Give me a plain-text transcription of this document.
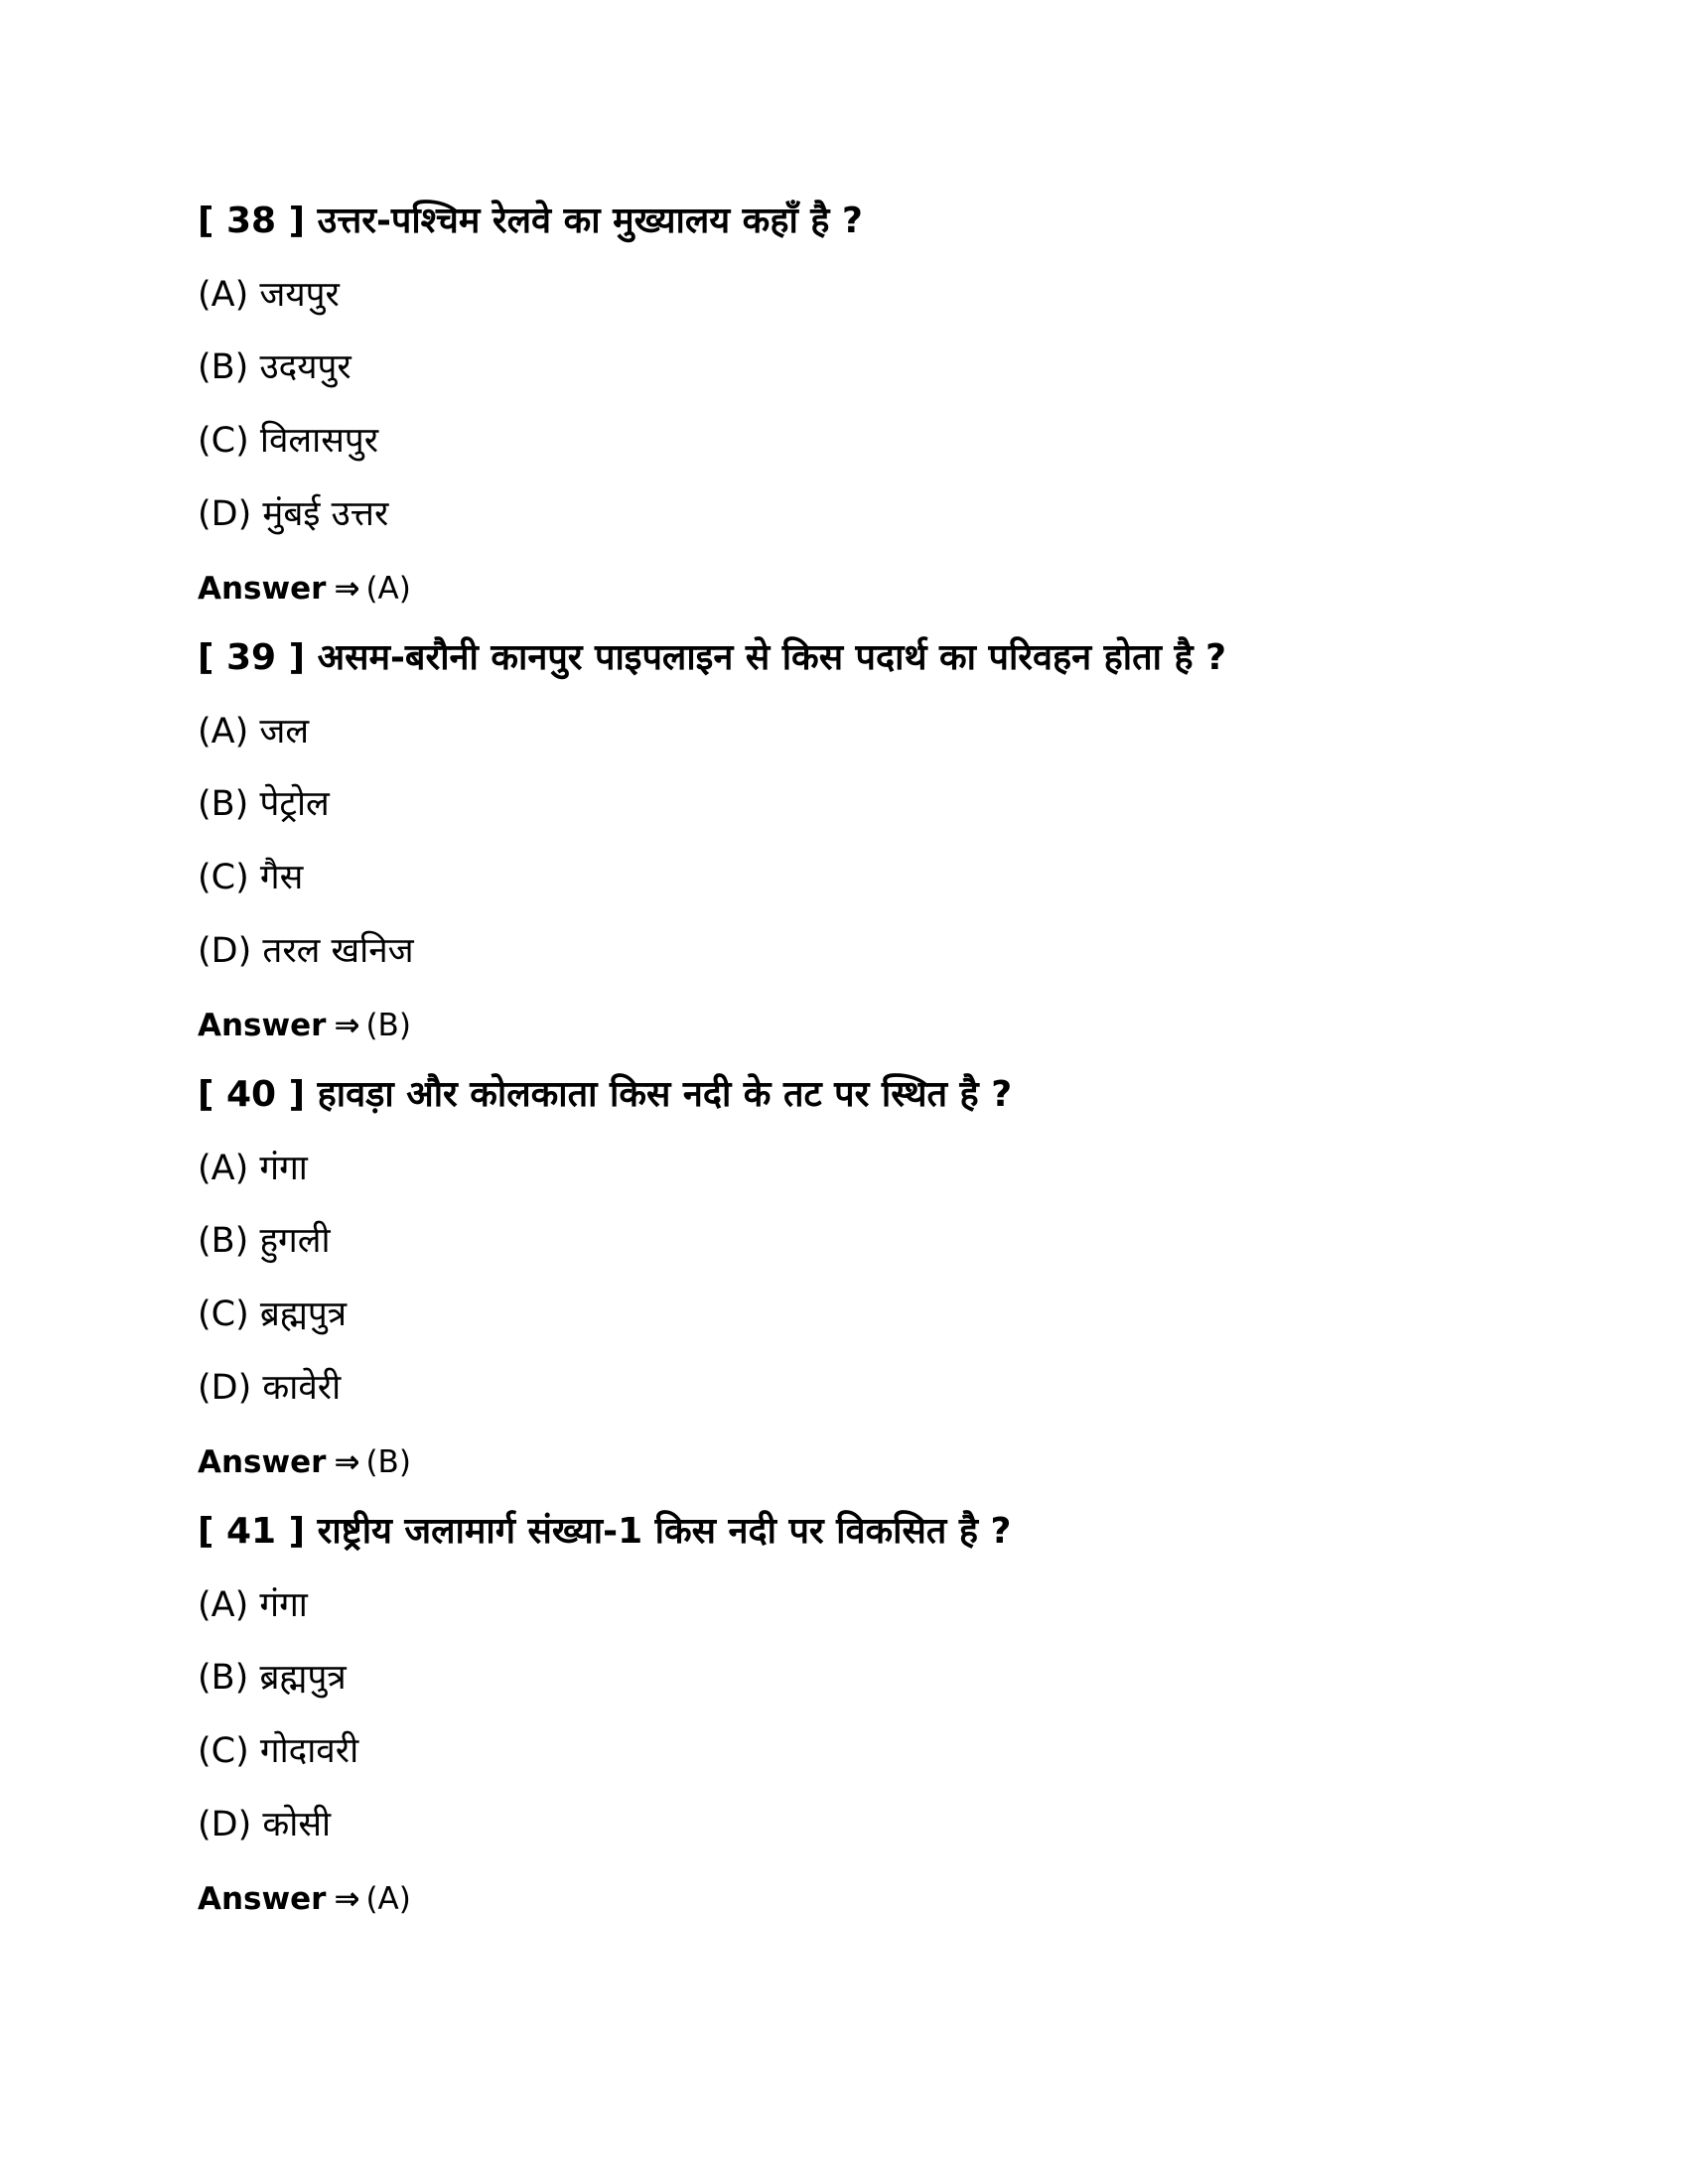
[ 38 ] उत्तर-पश्चिम रेलवे का मुख्यालय कहाँ है ?
(A) जयपुर
(B) उदयपुर
(C) विलासपुर
(D) मुंबई उत्तर
Answer ⇒ (A)
[ 39 ] असम-बरौनी कानपुर पाइपलाइन से किस पदार्थ का परिवहन होता है ?
(A) जल
(B) पेट्रोल
(C) गैस
(D) तरल खनिज
Answer ⇒ (B)
[ 40 ] हावड़ा और कोलकाता किस नदी के तट पर स्थित है ?
(A) गंगा
(B) हुगली
(C) ब्रह्मपुत्र
(D) कावेरी
Answer ⇒ (B)
[ 41 ] राष्ट्रीय जलामार्ग संख्या-1 किस नदी पर विकसित है ?
(A) गंगा
(B) ब्रह्मपुत्र
(C) गोदावरी
(D) कोसी
Answer ⇒ (A)
